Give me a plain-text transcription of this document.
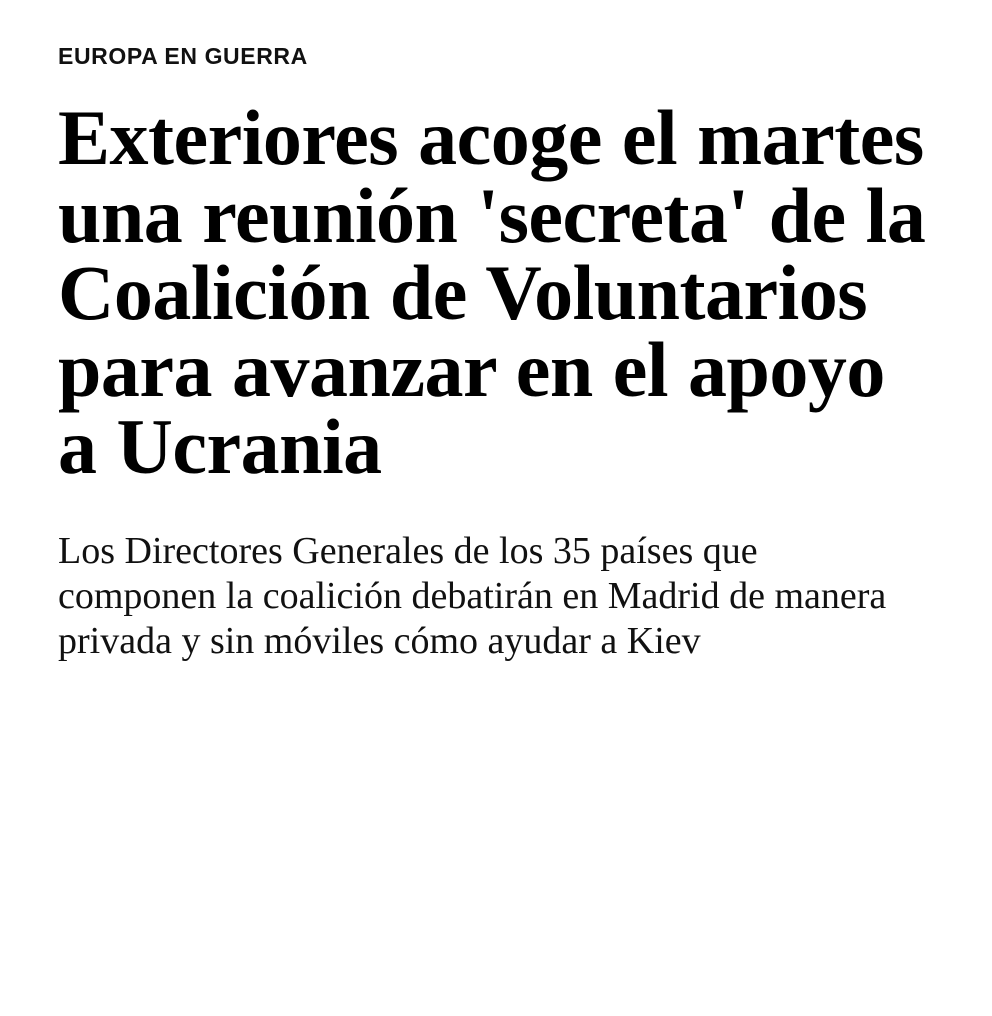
EUROPA EN GUERRA
Exteriores acoge el martes una reunión 'secreta' de la Coalición de Voluntarios para avanzar en el apoyo a Ucrania

Los Directores Generales de los 35 países que componen la coalición debatirán en Madrid de manera privada y sin móviles cómo ayudar a Kiev
